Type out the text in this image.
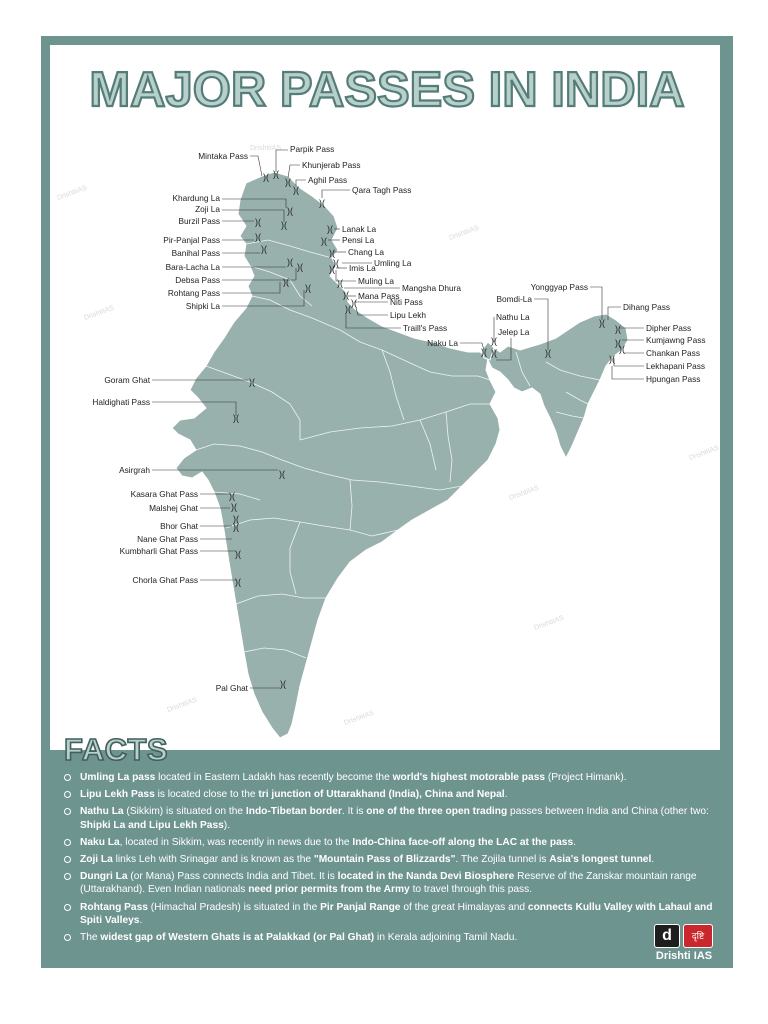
MAJOR PASSES IN INDIA
DrishtiIAS
DrishtiIAS
DrishtiIAS
DrishtiIAS
DrishtiIAS
DrishtiIAS
DrishtiIAS
DrishtiIAS
DrishtiIAS
)( )(
)(
)(
)(
)(
)(
)(
)(
)(
)( )(
)(
)(
)(
)(
)(
)(
)(
)(
)(
)(
)(
)( )(
)(
)(
)(
)(
)(
)(
)(
)(
)(
)(
)(
)(
)(
)(
)(
)(
)(
Mintaka Pass
Parpik Pass
Khunjerab Pass
Aghil Pass
Qara Tagh Pass
Khardung La
Zoji La
Burzil Pass
Pir-Panjal Pass
Banihal Pass
Bara-Lacha La
Debsa Pass
Rohtang Pass
Shipki La
Lanak La
Pensi La
Chang La
Umling La
Imis La
Muling La
Mangsha Dhura
Mana Pass
Niti Pass
Lipu Lekh
Traill's Pass
Naku La
Nathu La
Jelep La
Bomdi-La
Yonggyap Pass
Dihang Pass
Dipher Pass
Kumjawng Pass
Chankan Pass
Lekhapani Pass
Hpungan Pass
Goram Ghat
Haldighati Pass
Asirgrah
Kasara Ghat Pass
Malshej Ghat
Bhor Ghat
Nane Ghat Pass
Kumbharli Ghat Pass
Chorla Ghat Pass
Pal Ghat
FACTS
Umling La pass located in Eastern Ladakh has recently become the world's highest motorable pass (Project Himank).
Lipu Lekh Pass is located close to the tri junction of Uttarakhand (India), China and Nepal.
Nathu La (Sikkim) is situated on the Indo-Tibetan border. It is one of the three open trading passes between India and China (other two: Shipki La and Lipu Lekh Pass).
Naku La, located in Sikkim, was recently in news due to the Indo-China face-off along the LAC at the pass.
Zoji La links Leh with Srinagar and is known as the "Mountain Pass of Blizzards". The Zojila tunnel is Asia's longest tunnel.
Dungri La (or Mana) Pass connects India and Tibet. It is located in the Nanda Devi Biosphere Reserve of the Zanskar mountain range (Uttarakhand). Even Indian nationals need prior permits from the Army to travel through this pass.
Rohtang Pass (Himachal Pradesh) is situated in the Pir Panjal Range of the great Himalayas and connects Kullu Valley with Lahaul and Spiti Valleys.
The widest gap of Western Ghats is at Palakkad (or Pal Ghat) in Kerala adjoining Tamil Nadu.	d	दृष्टि
Drishti IAS
